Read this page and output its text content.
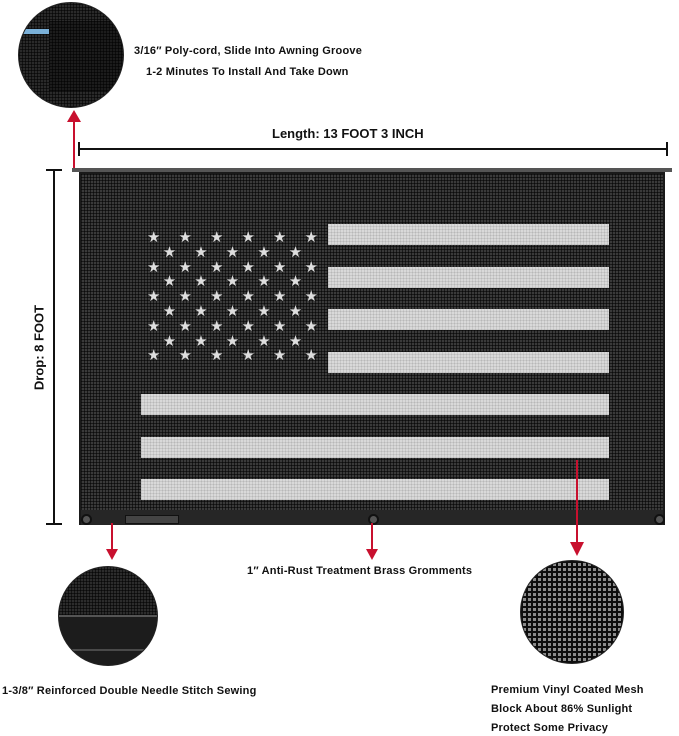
3/16″ Poly-cord, Slide Into Awning Groove
1-2 Minutes To Install And Take Down
Length: 13 FOOT 3 INCH
Drop: 8 FOOT
★ ★ ★ ★ ★ ★
★ ★ ★ ★ ★
★ ★ ★ ★ ★ ★
★ ★ ★ ★ ★
★ ★ ★ ★ ★ ★
★ ★ ★ ★ ★
★ ★ ★ ★ ★ ★
★ ★ ★ ★ ★
★ ★ ★ ★ ★ ★
1″ Anti-Rust Treatment Brass Gromments
1-3/8″ Reinforced Double Needle Stitch Sewing	Premium Vinyl Coated Mesh
Block About 86% Sunlight
Protect Some Privacy
